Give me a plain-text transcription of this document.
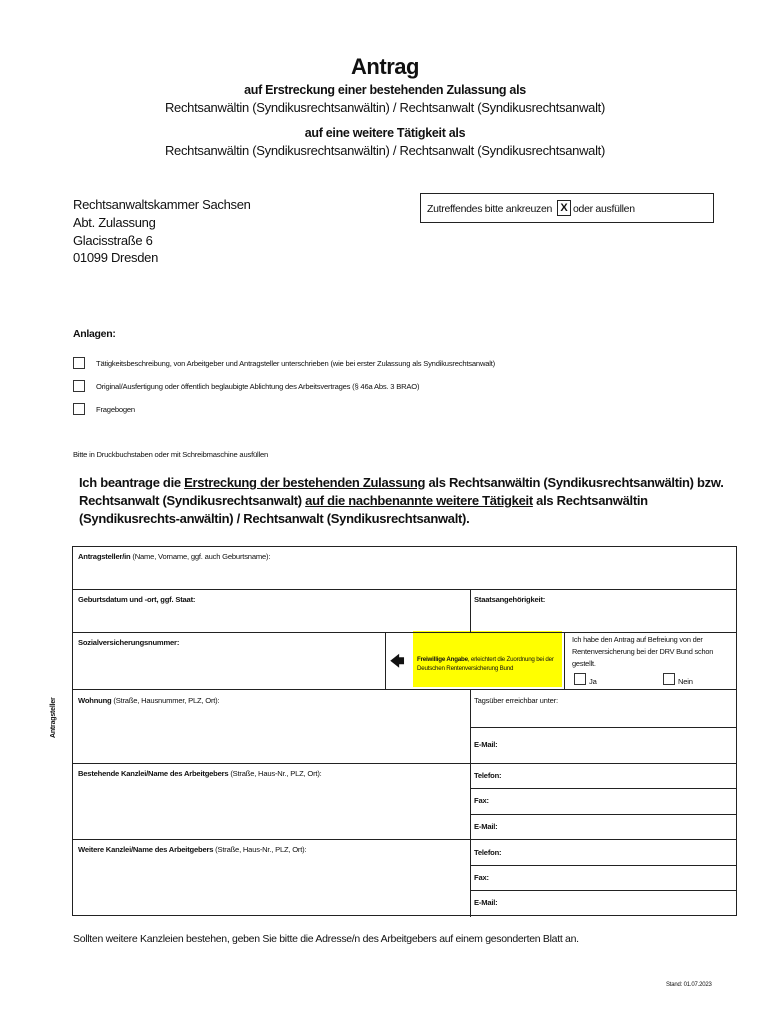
Antrag
auf Erstreckung einer bestehenden Zulassung als
Rechtsanwältin (Syndikusrechtsanwältin) / Rechtsanwalt (Syndikusrechtsanwalt)
auf eine weitere Tätigkeit als
Rechtsanwältin (Syndikusrechtsanwältin) / Rechtsanwalt (Syndikusrechtsanwalt)
Rechtsanwaltskammer Sachsen
Abt. Zulassung
Glacisstraße 6
01099 Dresden
Zutreffendes bitte ankreuzen X oder ausfüllen
Anlagen:
Tätigkeitsbeschreibung, von Arbeitgeber und Antragsteller unterschrieben (wie bei erster Zulassung als Syndikusrechtsanwalt)
Original/Ausfertigung oder öffentlich beglaubigte Ablichtung des Arbeitsvertrages (§ 46a Abs. 3 BRAO)
Fragebogen
Bitte in Druckbuchstaben oder mit Schreibmaschine ausfüllen
Ich beantrage die Erstreckung der bestehenden Zulassung als Rechtsanwältin (Syndikusrechtsanwältin) bzw. Rechtsanwalt (Syndikusrechtsanwalt) auf die nachbenannte weitere Tätigkeit als Rechtsanwältin (Syndikusrechts-anwältin) / Rechtsanwalt (Syndikusrechtsanwalt).
Antragsteller
Freiwillige Angabe, erleichtert die Zuordnung bei der Deutschen Rentenversicherung Bund
Antragsteller/in (Name, Vorname, ggf. auch Geburtsname):
Geburtsdatum und -ort, ggf. Staat:	Staatsangehörigkeit:
Sozialversicherungsnummer:
🡄
Ich habe den Antrag auf Befreiung von der Rentenversicherung bei der DRV Bund schon gestellt.
Ja	Nein
Wohnung (Straße, Hausnummer, PLZ, Ort):	Tagsüber erreichbar unter:
E-Mail:
Bestehende Kanzlei/Name des Arbeitgebers (Straße, Haus-Nr., PLZ, Ort):	Telefon:
Fax:
E-Mail:
Weitere Kanzlei/Name des Arbeitgebers (Straße, Haus-Nr., PLZ, Ort):	Telefon:
Fax:
E-Mail:
Sollten weitere Kanzleien bestehen, geben Sie bitte die Adresse/n des Arbeitgebers auf einem gesonderten Blatt an.
Stand: 01.07.2023
